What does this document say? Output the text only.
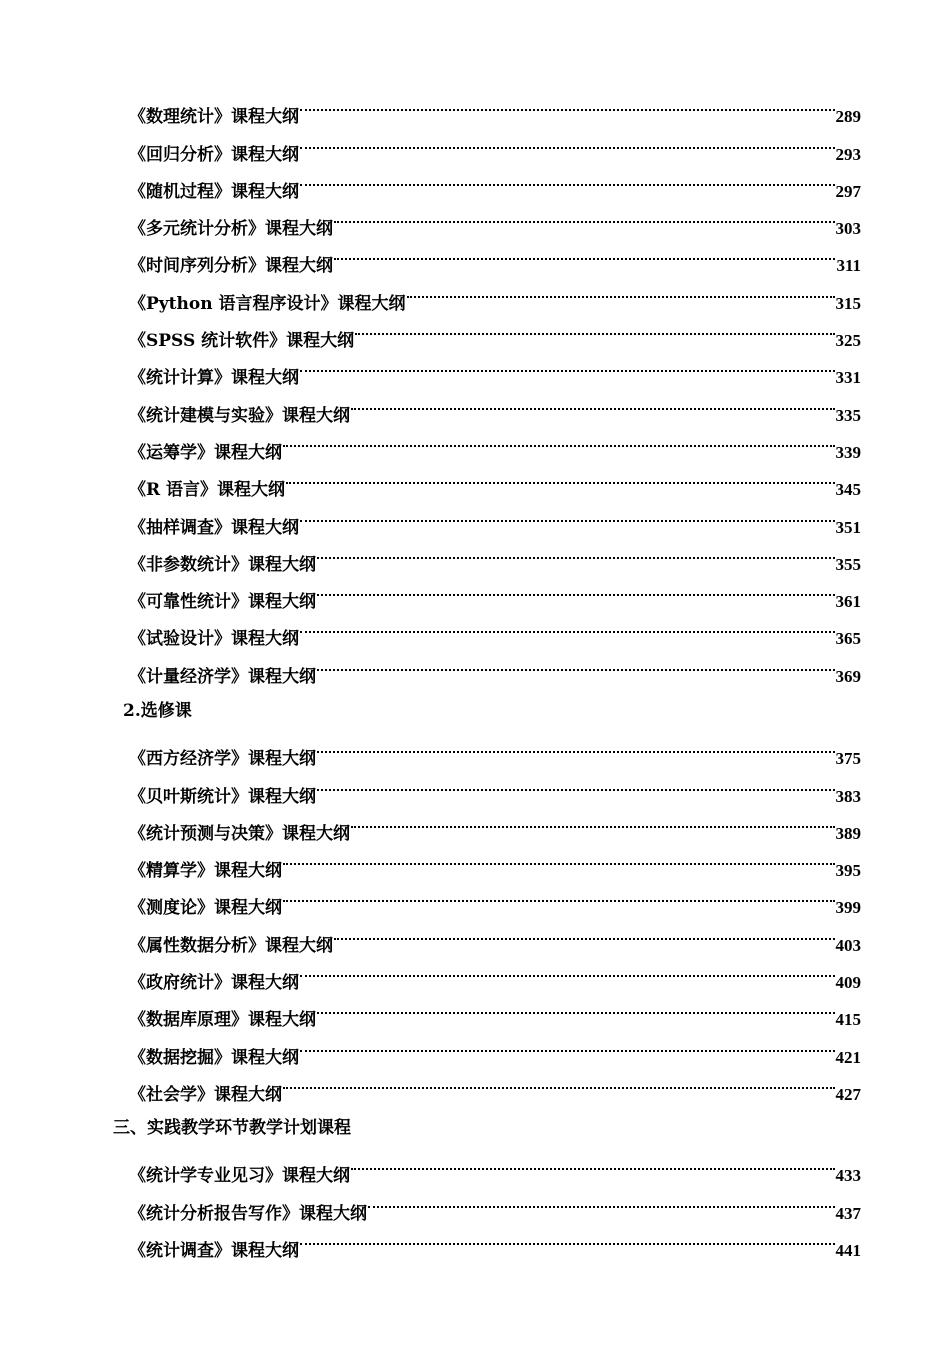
《数理统计》课程大纲	289
《回归分析》课程大纲	293
《随机过程》课程大纲	297
《多元统计分析》课程大纲	303
《时间序列分析》课程大纲	311
《Python 语言程序设计》课程大纲	315
《SPSS 统计软件》课程大纲	325
《统计计算》课程大纲	331
《统计建模与实验》课程大纲	335
《运筹学》课程大纲	339
《R 语言》课程大纲	345
《抽样调查》课程大纲	351
《非参数统计》课程大纲	355
《可靠性统计》课程大纲	361
《试验设计》课程大纲	365
《计量经济学》课程大纲	369
2.选修课
《西方经济学》课程大纲	375
《贝叶斯统计》课程大纲	383
《统计预测与决策》课程大纲	389
《精算学》课程大纲	395
《测度论》课程大纲	399
《属性数据分析》课程大纲	403
《政府统计》课程大纲	409
《数据库原理》课程大纲	415
《数据挖掘》课程大纲	421
《社会学》课程大纲	427
三、实践教学环节教学计划课程
《统计学专业见习》课程大纲	433
《统计分析报告写作》课程大纲	437
《统计调查》课程大纲	441
